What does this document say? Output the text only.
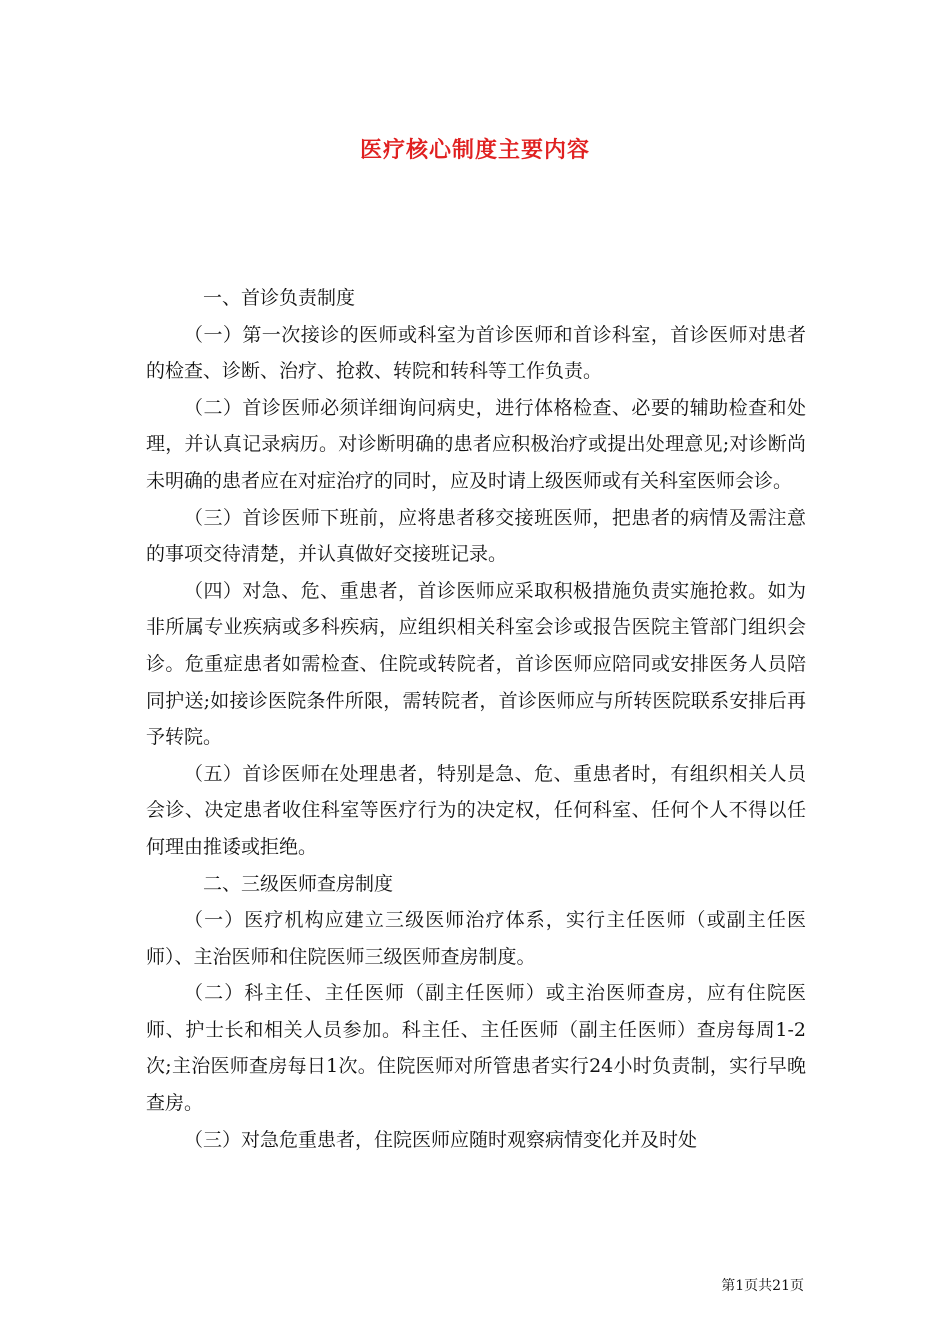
医疗核心制度主要内容

一、首诊负责制度

（一）第一次接诊的医师或科室为首诊医师和首诊科室，首诊医师对患者的检查、诊断、治疗、抢救、转院和转科等工作负责。

（二）首诊医师必须详细询问病史，进行体格检查、必要的辅助检查和处理，并认真记录病历。对诊断明确的患者应积极治疗或提出处理意见;对诊断尚未明确的患者应在对症治疗的同时，应及时请上级医师或有关科室医师会诊。

（三）首诊医师下班前，应将患者移交接班医师，把患者的病情及需注意的事项交待清楚，并认真做好交接班记录。

（四）对急、危、重患者，首诊医师应采取积极措施负责实施抢救。如为非所属专业疾病或多科疾病，应组织相关科室会诊或报告医院主管部门组织会诊。危重症患者如需检查、住院或转院者，首诊医师应陪同或安排医务人员陪同护送;如接诊医院条件所限，需转院者，首诊医师应与所转医院联系安排后再予转院。

（五）首诊医师在处理患者，特别是急、危、重患者时，有组织相关人员会诊、决定患者收住科室等医疗行为的决定权，任何科室、任何个人不得以任何理由推诿或拒绝。

二、三级医师查房制度

（一）医疗机构应建立三级医师治疗体系，实行主任医师（或副主任医师）、主治医师和住院医师三级医师查房制度。

（二）科主任、主任医师（副主任医师）或主治医师查房，应有住院医师、护士长和相关人员参加。科主任、主任医师（副主任医师）查房每周1-2次;主治医师查房每日1次。住院医师对所管患者实行24小时负责制，实行早晚查房。

（三）对急危重患者，住院医师应随时观察病情变化并及时处

第1页共21页
